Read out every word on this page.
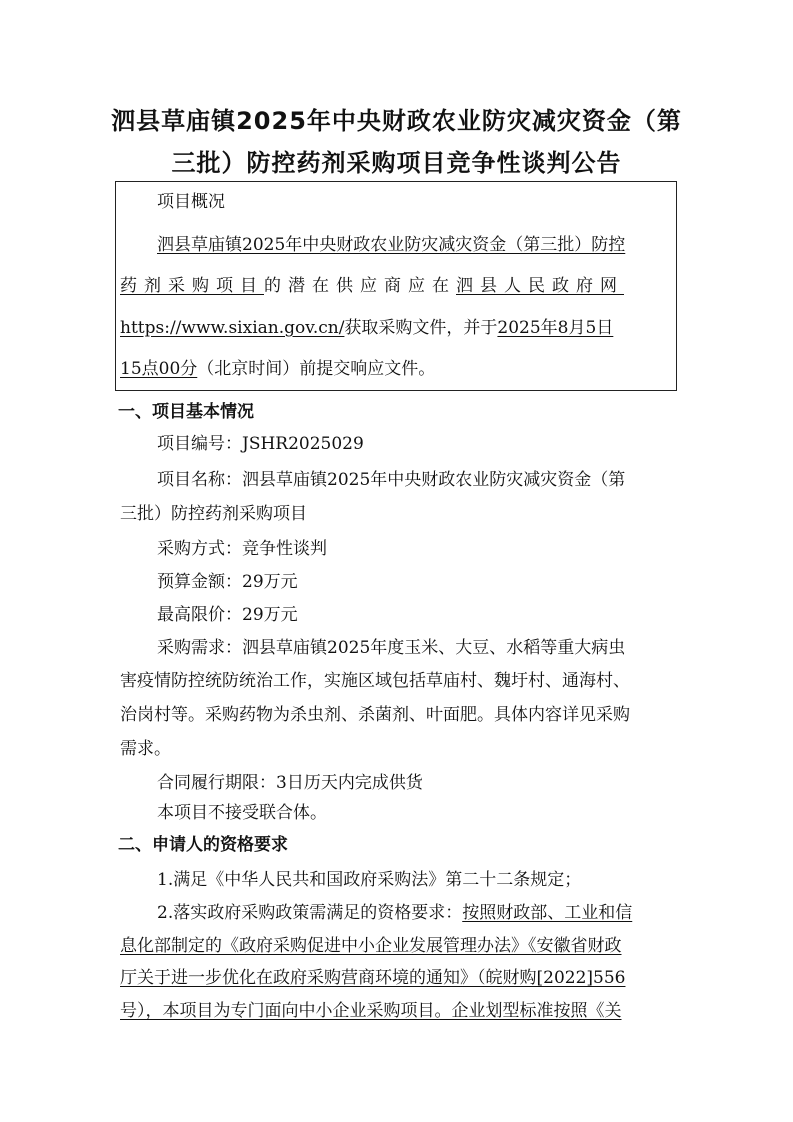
泗县草庙镇2025年中央财政农业防灾减灾资金（第
三批）防控药剂采购项目竞争性谈判公告
项目概况
泗县草庙镇2025年中央财政农业防灾减灾资金（第三批）防控
药剂采购项目的潜在供应商应在泗县人民政府网
https://www.sixian.gov.cn/获取采购文件，并于2025年8月5日
15点00分（北京时间）前提交响应文件。
一、项目基本情况
项目编号：JSHR2025029
项目名称：泗县草庙镇2025年中央财政农业防灾减灾资金（第
三批）防控药剂采购项目
采购方式：竞争性谈判
预算金额：29万元
最高限价：29万元
采购需求：泗县草庙镇2025年度玉米、大豆、水稻等重大病虫
害疫情防控统防统治工作，实施区域包括草庙村、魏圩村、通海村、
治岗村等。采购药物为杀虫剂、杀菌剂、叶面肥。具体内容详见采购
需求。
合同履行期限：3日历天内完成供货
本项目不接受联合体。
二、申请人的资格要求
1.满足《中华人民共和国政府采购法》第二十二条规定；
2.落实政府采购政策需满足的资格要求：按照财政部、工业和信
息化部制定的《政府采购促进中小企业发展管理办法》《安徽省财政
厅关于进一步优化在政府采购营商环境的通知》（皖财购[2022]556
号），本项目为专门面向中小企业采购项目。企业划型标准按照《关
